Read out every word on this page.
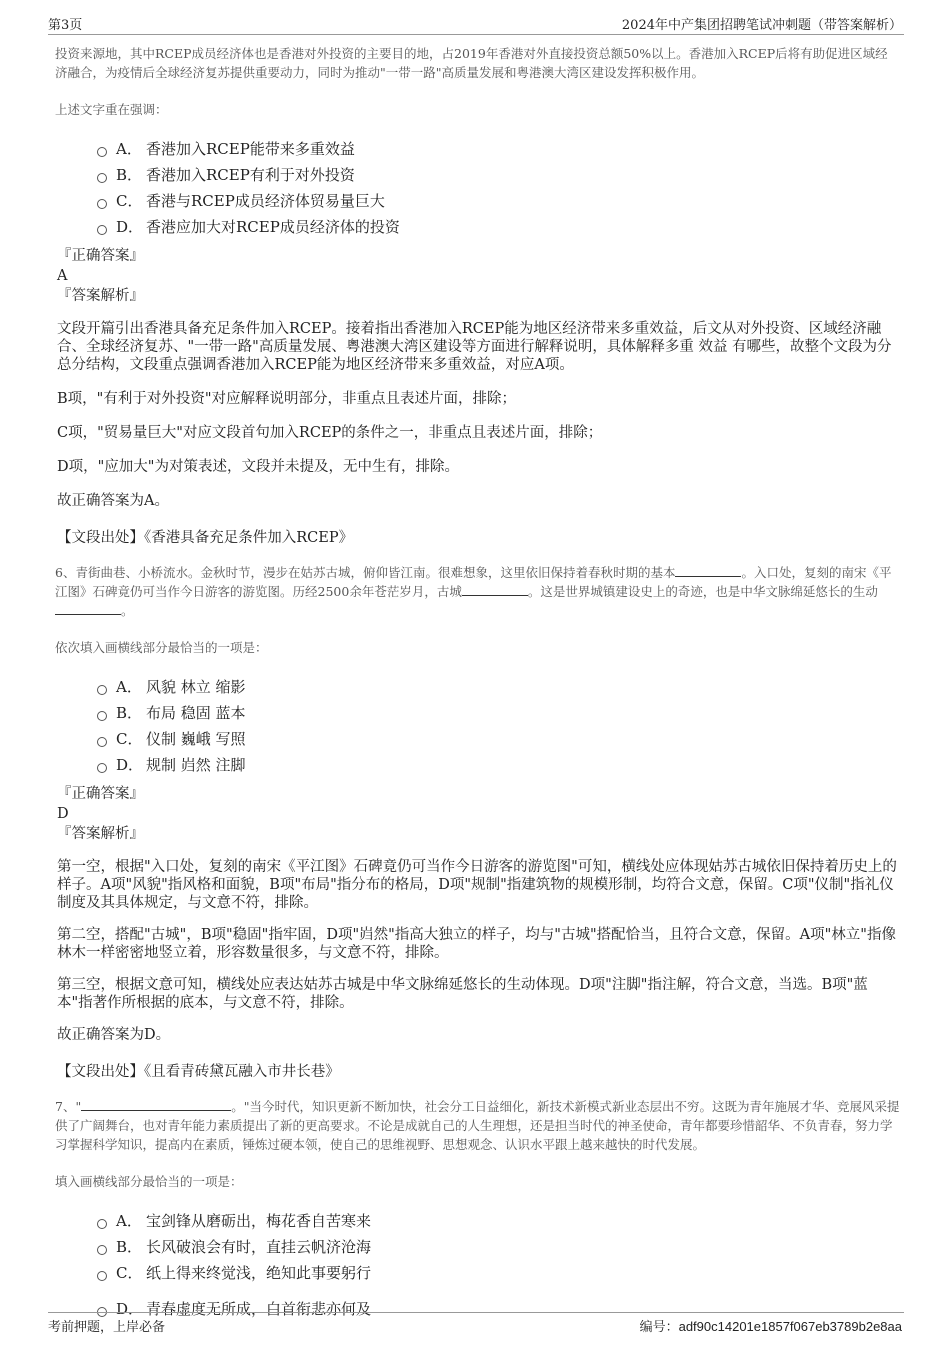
第3页	2024年中产集团招聘笔试冲刺题（带答案解析）

投资来源地，其中RCEP成员经济体也是香港对外投资的主要目的地，占2019年香港对外直接投资总额50%以上。香港加入RCEP后将有助促进区域经济融合，为疫情后全球经济复苏提供重要动力，同时为推动"一带一路"高质量发展和粤港澳大湾区建设发挥积极作用。

上述文字重在强调：

A． 香港加入RCEP能带来多重效益
B． 香港加入RCEP有利于对外投资
C． 香港与RCEP成员经济体贸易量巨大
D． 香港应加大对RCEP成员经济体的投资
『正确答案』
A
『答案解析』

文段开篇引出香港具备充足条件加入RCEP。接着指出香港加入RCEP能为地区经济带来多重效益，后文从对外投资、区域经济融合、全球经济复苏、"一带一路"高质量发展、粤港澳大湾区建设等方面进行解释说明，具体解释多重 效益 有哪些，故整个文段为分总分结构，文段重点强调香港加入RCEP能为地区经济带来多重效益，对应A项。

B项，"有利于对外投资"对应解释说明部分，非重点且表述片面，排除；

C项，"贸易量巨大"对应文段首句加入RCEP的条件之一，非重点且表述片面，排除；

D项，"应加大"为对策表述，文段并未提及，无中生有，排除。

故正确答案为A。

【文段出处】《香港具备充足条件加入RCEP》

6、青街曲巷、小桥流水。金秋时节，漫步在姑苏古城，俯仰皆江南。很难想象，这里依旧保持着春秋时期的基本	。入口处，复刻的南宋《平江图》石碑竟仍可当作今日游客的游览图。历经2500余年苍茫岁月，古城	。这是世界城镇建设史上的奇迹，也是中华文脉绵延悠长的生动。

依次填入画横线部分最恰当的一项是：

A． 风貌 林立 缩影
B． 布局 稳固 蓝本
C． 仪制 巍峨 写照
D． 规制 岿然 注脚
『正确答案』
D
『答案解析』

第一空，根据"入口处，复刻的南宋《平江图》石碑竟仍可当作今日游客的游览图"可知，横线处应体现姑苏古城依旧保持着历史上的样子。A项"风貌"指风格和面貌，B项"布局"指分布的格局，D项"规制"指建筑物的规模形制，均符合文意，保留。C项"仪制"指礼仪制度及其具体规定，与文意不符，排除。

第二空，搭配"古城"，B项"稳固"指牢固，D项"岿然"指高大独立的样子，均与"古城"搭配恰当，且符合文意，保留。A项"林立"指像林木一样密密地竖立着，形容数量很多，与文意不符，排除。

第三空，根据文意可知，横线处应表达姑苏古城是中华文脉绵延悠长的生动体现。D项"注脚"指注解，符合文意，当选。B项"蓝本"指著作所根据的底本，与文意不符，排除。

故正确答案为D。

【文段出处】《且看青砖黛瓦融入市井长巷》

7、"	。"当今时代，知识更新不断加快，社会分工日益细化，新技术新模式新业态层出不穷。这既为青年施展才华、竞展风采提供了广阔舞台，也对青年能力素质提出了新的更高要求。不论是成就自己的人生理想，还是担当时代的神圣使命，青年都要珍惜韶华、不负青春，努力学习掌握科学知识，提高内在素质，锤炼过硬本领，使自己的思维视野、思想观念、认识水平跟上越来越快的时代发展。

填入画横线部分最恰当的一项是：

A． 宝剑锋从磨砺出，梅花香自苦寒来
B． 长风破浪会有时，直挂云帆济沧海
C． 纸上得来终觉浅，绝知此事要躬行
D． 青春虚度无所成，白首衔悲亦何及
考前押题，上岸必备	编号：adf90c14201e1857f067eb3789b2e8aa
